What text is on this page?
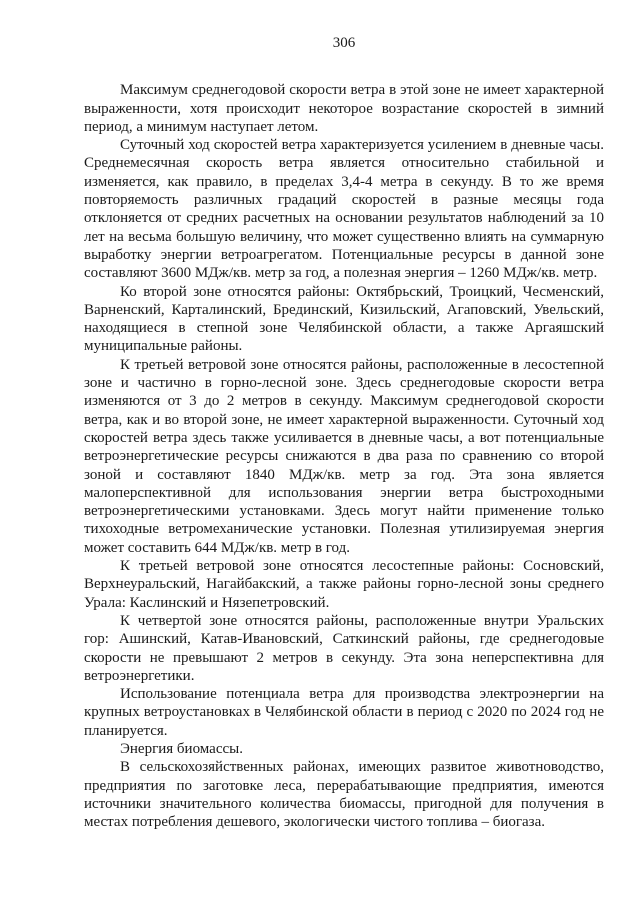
306

Максимум среднегодовой скорости ветра в этой зоне не имеет характерной выраженности, хотя происходит некоторое возрастание скоростей в зимний период, а минимум наступает летом.

Суточный ход скоростей ветра характеризуется усилением в дневные часы. Среднемесячная скорость ветра является относительно стабильной и изменяется, как правило, в пределах 3,4-4 метра в секунду. В то же время повторяемость различных градаций скоростей в разные месяцы года отклоняется от средних расчетных на основании результатов наблюдений за 10 лет на весьма большую величину, что может существенно влиять на суммарную выработку энергии ветроагрегатом. Потенциальные ресурсы в данной зоне составляют 3600 МДж/кв. метр за год, а полезная энергия – 1260 МДж/кв. метр.

Ко второй зоне относятся районы: Октябрьский, Троицкий, Чесменский, Варненский, Карталинский, Брединский, Кизильский, Агаповский, Увельский, находящиеся в степной зоне Челябинской области, а также Аргаяшский муниципальные районы.

К третьей ветровой зоне относятся районы, расположенные в лесостепной зоне и частично в горно-лесной зоне. Здесь среднегодовые скорости ветра изменяются от 3 до 2 метров в секунду. Максимум среднегодовой скорости ветра, как и во второй зоне, не имеет характерной выраженности. Суточный ход скоростей ветра здесь также усиливается в дневные часы, а вот потенциальные ветроэнергетические ресурсы снижаются в два раза по сравнению со второй зоной и составляют 1840 МДж/кв. метр за год. Эта зона является малоперспективной для использования энергии ветра быстроходными ветроэнергетическими установками. Здесь могут найти применение только тихоходные ветромеханические установки. Полезная утилизируемая энергия может составить 644 МДж/кв. метр в год.

К третьей ветровой зоне относятся лесостепные районы: Сосновский, Верхнеуральский, Нагайбакский, а также районы горно-лесной зоны среднего Урала: Каслинский и Нязепетровский.

К четвертой зоне относятся районы, расположенные внутри Уральских гор: Ашинский, Катав-Ивановский, Саткинский районы, где среднегодовые скорости не превышают 2 метров в секунду. Эта зона неперспективна для ветроэнергетики.

Использование потенциала ветра для производства электроэнергии на крупных ветроустановках в Челябинской области в период с 2020 по 2024 год не планируется.

Энергия биомассы.

В сельскохозяйственных районах, имеющих развитое животноводство, предприятия по заготовке леса, перерабатывающие предприятия, имеются источники значительного количества биомассы, пригодной для получения в местах потребления дешевого, экологически чистого топлива – биогаза.
